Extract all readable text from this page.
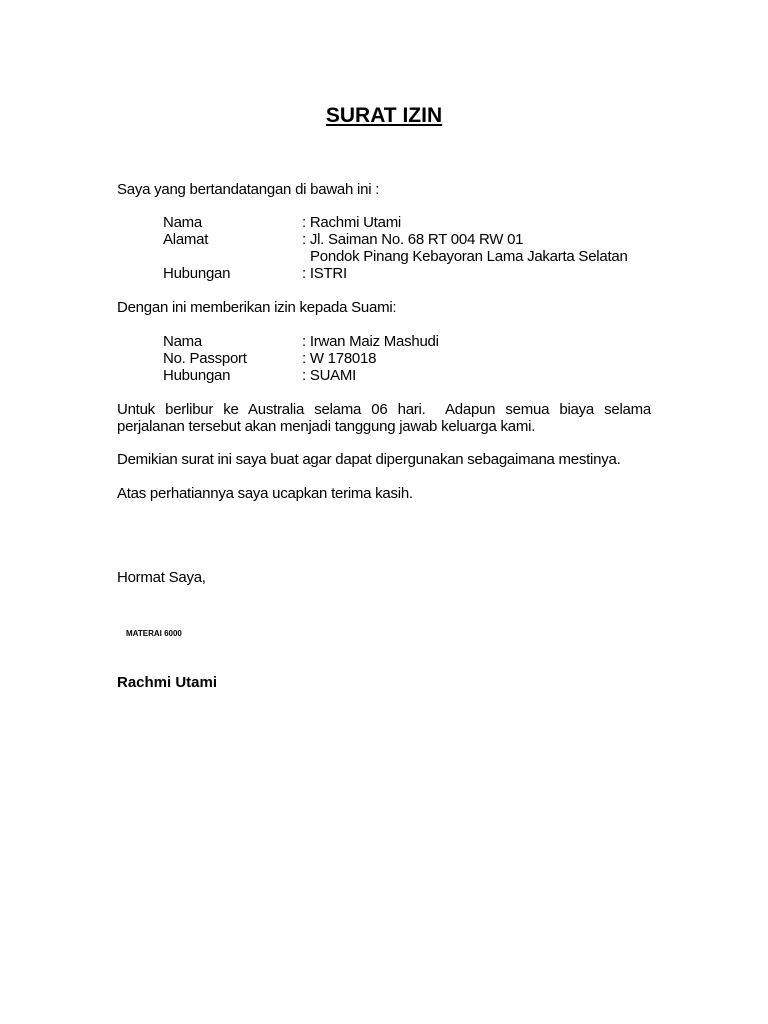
SURAT IZIN

Saya yang bertandatangan di bawah ini :

Nama	: Rachmi Utami
Alamat	: Jl. Saiman No. 68 RT 004 RW 01
Pondok Pinang Kebayoran Lama Jakarta Selatan
Hubungan	: ISTRI

Dengan ini memberikan izin kepada Suami:

Nama	: Irwan Maiz Mashudi
No. Passport	: W 178018
Hubungan	: SUAMI

Untuk berlibur ke Australia selama 06 hari.  Adapun semua biaya selama perjalanan tersebut akan menjadi tanggung jawab keluarga kami.

Demikian surat ini saya buat agar dapat dipergunakan sebagaimana mestinya.

Atas perhatiannya saya ucapkan terima kasih.

Hormat Saya,

MATERAI 6000
Rachmi Utami
